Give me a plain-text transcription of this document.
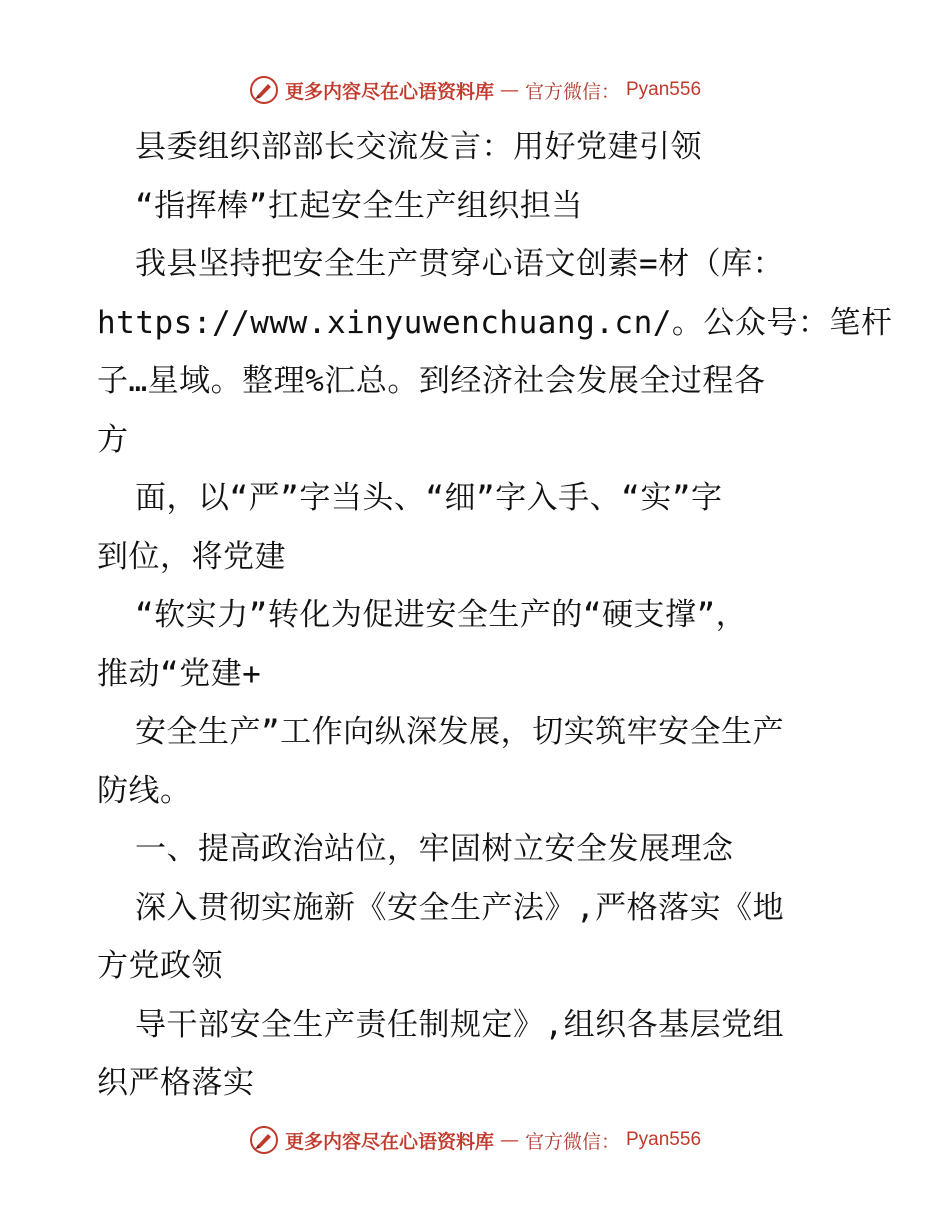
更多内容尽在心语资料库 — 官方微信： Pyan556
县委组织部部长交流发言：用好党建引领
“指挥棒”扛起安全生产组织担当
我县坚持把安全生产贯穿心语文创素=材（库：
https://www.xinyuwenchuang.cn/。公众号：笔杆
子…星域。整理%汇总。到经济社会发展全过程各
方
面，以“严”字当头、“细”字入手、“实”字
到位，将党建
“软实力”转化为促进安全生产的“硬支撑”，
推动“党建+
安全生产”工作向纵深发展，切实筑牢安全生产
防线。
一、提高政治站位，牢固树立安全发展理念
深入贯彻实施新《安全生产法》,严格落实《地
方党政领
导干部安全生产责任制规定》,组织各基层党组
织严格落实
更多内容尽在心语资料库 — 官方微信： Pyan556
